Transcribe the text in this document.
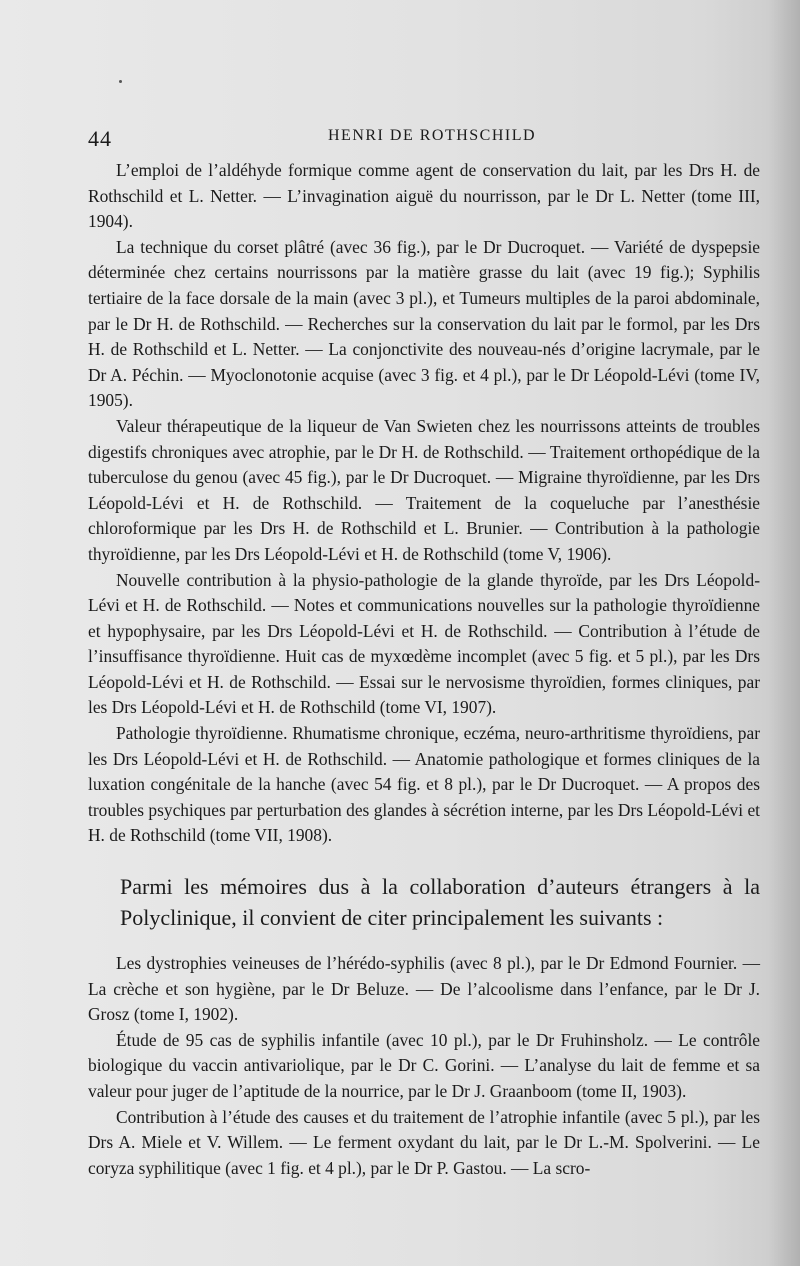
44	HENRI DE ROTHSCHILD

L’emploi de l’aldéhyde formique comme agent de conservation du lait, par les Drs H. de Rothschild et L. Netter. — L’invagination aiguë du nourrisson, par le Dr L. Netter (tome III, 1904).

La technique du corset plâtré (avec 36 fig.), par le Dr Ducroquet. — Variété de dyspepsie déterminée chez certains nourrissons par la matière grasse du lait (avec 19 fig.); Syphilis tertiaire de la face dorsale de la main (avec 3 pl.), et Tumeurs multiples de la paroi abdominale, par le Dr H. de Rothschild. — Recherches sur la conservation du lait par le formol, par les Drs H. de Rothschild et L. Netter. — La conjonctivite des nouveau-nés d’origine lacrymale, par le Dr A. Péchin. — Myoclonotonie acquise (avec 3 fig. et 4 pl.), par le Dr Léopold-Lévi (tome IV, 1905).

Valeur thérapeutique de la liqueur de Van Swieten chez les nourrissons atteints de troubles digestifs chroniques avec atrophie, par le Dr H. de Rothschild. — Traitement orthopédique de la tuberculose du genou (avec 45 fig.), par le Dr Ducroquet. — Migraine thyroïdienne, par les Drs Léopold-Lévi et H. de Rothschild. — Traitement de la coqueluche par l’anesthésie chloroformique par les Drs H. de Rothschild et L. Brunier. — Contribution à la pathologie thyroïdienne, par les Drs Léopold-Lévi et H. de Rothschild (tome V, 1906).

Nouvelle contribution à la physio-pathologie de la glande thyroïde, par les Drs Léopold-Lévi et H. de Rothschild. — Notes et communications nouvelles sur la pathologie thyroïdienne et hypophysaire, par les Drs Léopold-Lévi et H. de Rothschild. — Contribution à l’étude de l’insuffisance thyroïdienne. Huit cas de myxœdème incomplet (avec 5 fig. et 5 pl.), par les Drs Léopold-Lévi et H. de Rothschild. — Essai sur le nervosisme thyroïdien, formes cliniques, par les Drs Léopold-Lévi et H. de Rothschild (tome VI, 1907).

Pathologie thyroïdienne. Rhumatisme chronique, eczéma, neuro-arthritisme thyroïdiens, par les Drs Léopold-Lévi et H. de Rothschild. — Anatomie pathologique et formes cliniques de la luxation congénitale de la hanche (avec 54 fig. et 8 pl.), par le Dr Ducroquet. — A propos des troubles psychiques par perturbation des glandes à sécrétion interne, par les Drs Léopold-Lévi et H. de Rothschild (tome VII, 1908).

Parmi les mémoires dus à la collaboration d’auteurs étrangers à la Polyclinique, il convient de citer principalement les suivants :

Les dystrophies veineuses de l’hérédo-syphilis (avec 8 pl.), par le Dr Edmond Fournier. — La crèche et son hygiène, par le Dr Beluze. — De l’alcoolisme dans l’enfance, par le Dr J. Grosz (tome I, 1902).

Étude de 95 cas de syphilis infantile (avec 10 pl.), par le Dr Fruhinsholz. — Le contrôle biologique du vaccin antivariolique, par le Dr C. Gorini. — L’analyse du lait de femme et sa valeur pour juger de l’aptitude de la nourrice, par le Dr J. Graanboom (tome II, 1903).

Contribution à l’étude des causes et du traitement de l’atrophie infantile (avec 5 pl.), par les Drs A. Miele et V. Willem. — Le ferment oxydant du lait, par le Dr L.-M. Spolverini. — Le coryza syphilitique (avec 1 fig. et 4 pl.), par le Dr P. Gastou. — La scro-
